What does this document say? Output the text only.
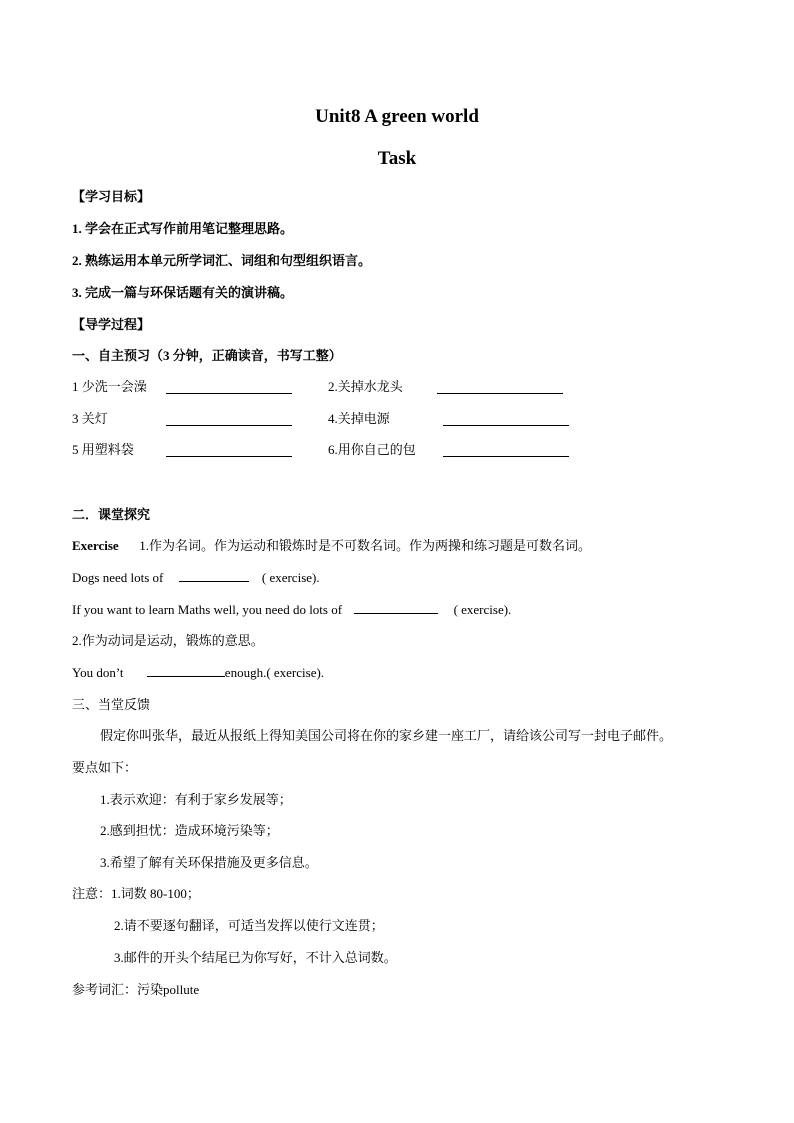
Unit8 A green world
Task
【学习目标】
1. 学会在正式写作前用笔记整理思路。
2. 熟练运用本单元所学词汇、词组和句型组织语言。
3. 完成一篇与环保话题有关的演讲稿。
【导学过程】
一、自主预习（3 分钟，正确读音，书写工整）
1 少洗一会澡	2.关掉水龙头
3 关灯	4.关掉电源
5 用塑料袋	6.用你自己的包
二．课堂探究
Exercise 1.作为名词。作为运动和锻炼时是不可数名词。作为两操和练习题是可数名词。
Dogs need lots of	( exercise).
If you want to learn Maths well, you need do lots of	( exercise).
2.作为动词是运动，锻炼的意思。
You don’t	enough.( exercise).
三、当堂反馈
假定你叫张华，最近从报纸上得知美国公司将在你的家乡建一座工厂，请给该公司写一封电子邮件。
要点如下：
1.表示欢迎：有利于家乡发展等；
2.感到担忧：造成环境污染等；
3.希望了解有关环保措施及更多信息。
注意：1.词数 80-100；
2.请不要逐句翻译，可适当发挥以使行文连贯；
3.邮件的开头个结尾已为你写好，不计入总词数。
参考词汇：污染pollute
